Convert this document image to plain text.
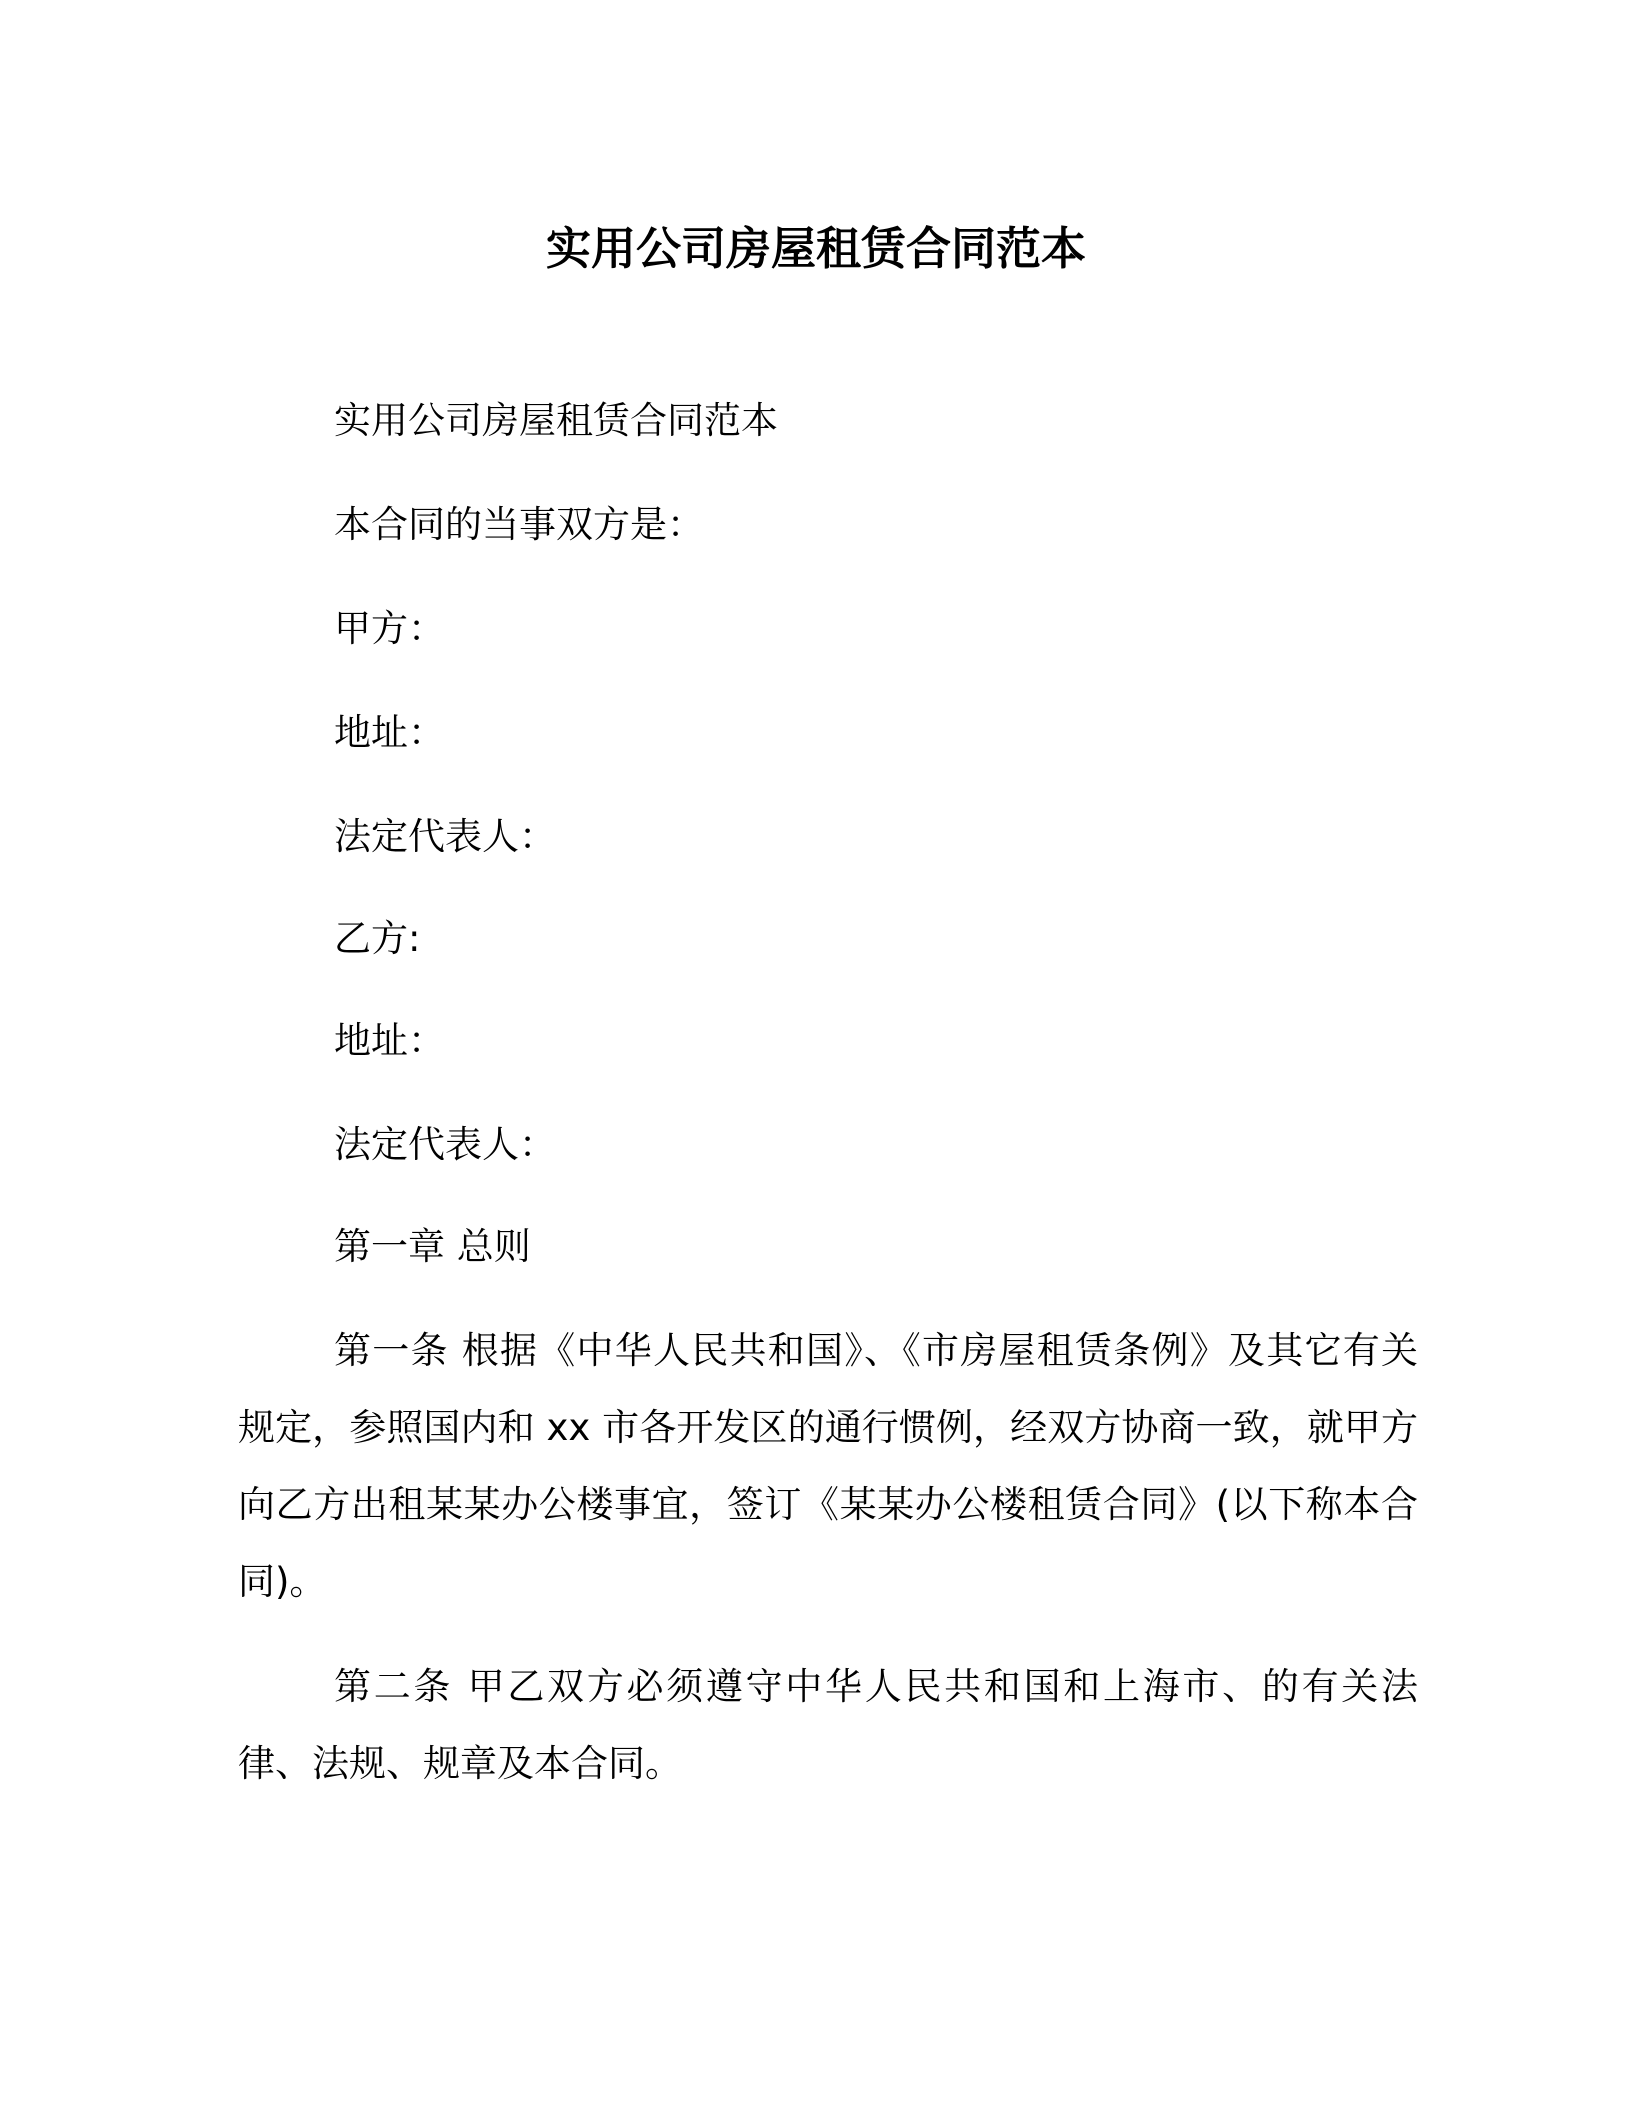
实用公司房屋租赁合同范本

实用公司房屋租赁合同范本

本合同的当事双方是：

甲方：

地址：

法定代表人：

乙方:

地址：

法定代表人：

第一章 总则

第一条 根据《中华人民共和国》、《市房屋租赁条例》及其它有关规定，参照国内和 xx 市各开发区的通行惯例，经双方协商一致，就甲方向乙方出租某某办公楼事宜，签订《某某办公楼租赁合同》(以下称本合同)。

第二条 甲乙双方必须遵守中华人民共和国和上海市、的有关法律、法规、规章及本合同。
